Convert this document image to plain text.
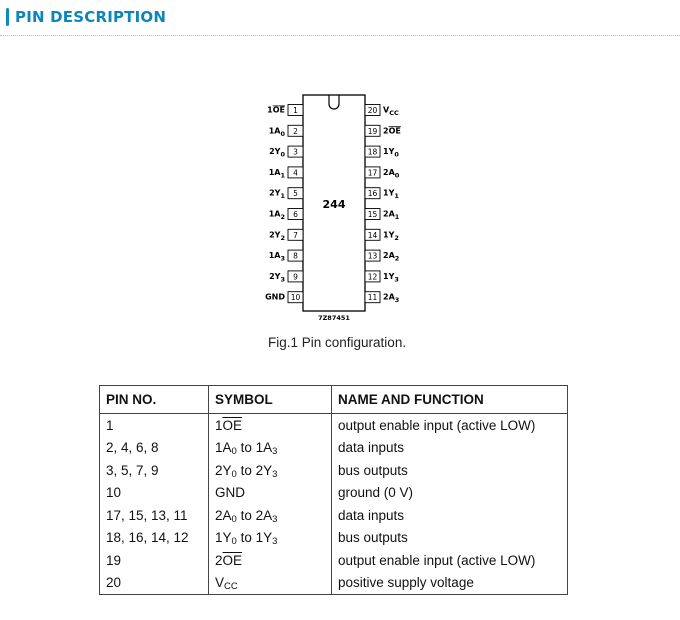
PIN DESCRIPTION
244
7Z87451
1
1OE
2
$1A_0$
3
$2Y_0$
4
$1A_1$
5
$2Y_1$
6
$1A_2$
7
$2Y_2$
8
$1A_3$
9
$2Y_3$
10
GND
20 $V_{CC}$
19 2OE
18 $1Y_0$
17 $2A_0$
16 $1Y_1$
15 $2A_1$
14 $1Y_2$
13 $2A_2$
12 $1Y_3$
11 $2A_3$
Fig.1 Pin configuration.
PIN NO.	SYMBOL	NAME AND FUNCTION
1	$1\overline{OE}$	output enable input (active LOW)
2, 4, 6, 8	$1A_0$ to $1A_3$	data inputs
3, 5, 7, 9	$2Y_0$ to $2Y_3$	bus outputs
10	GND	ground (0 V)
17, 15, 13, 11	$2A_0$ to $2A_3$	data inputs
18, 16, 14, 12	$1Y_0$ to $1Y_3$	bus outputs
19	$2\overline{OE}$	output enable input (active LOW)
20	$V_{CC}$	positive supply voltage
